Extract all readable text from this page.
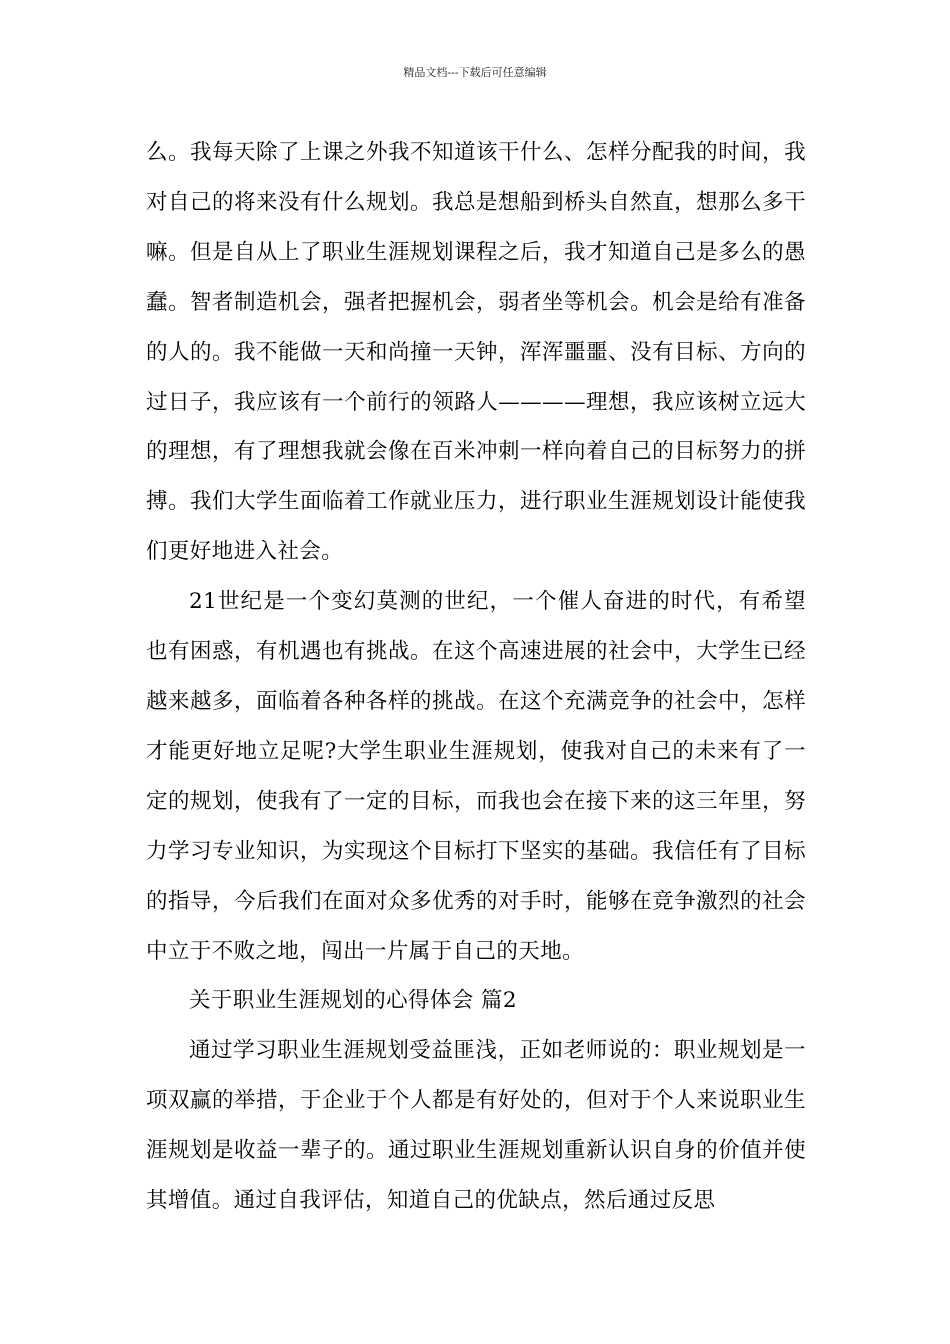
精品文档---下载后可任意编辑

么。我每天除了上课之外我不知道该干什么、怎样分配我的时间，我对自己的将来没有什么规划。我总是想船到桥头自然直，想那么多干嘛。但是自从上了职业生涯规划课程之后，我才知道自己是多么的愚蠢。智者制造机会，强者把握机会，弱者坐等机会。机会是给有准备的人的。我不能做一天和尚撞一天钟，浑浑噩噩、没有目标、方向的过日子，我应该有一个前行的领路人————理想，我应该树立远大的理想，有了理想我就会像在百米冲刺一样向着自己的目标努力的拼搏。我们大学生面临着工作就业压力，进行职业生涯规划设计能使我们更好地进入社会。

21世纪是一个变幻莫测的世纪，一个催人奋进的时代，有希望也有困惑，有机遇也有挑战。在这个高速进展的社会中，大学生已经越来越多，面临着各种各样的挑战。在这个充满竞争的社会中，怎样才能更好地立足呢?大学生职业生涯规划，使我对自己的未来有了一定的规划，使我有了一定的目标，而我也会在接下来的这三年里，努力学习专业知识，为实现这个目标打下坚实的基础。我信任有了目标的指导，今后我们在面对众多优秀的对手时，能够在竞争激烈的社会中立于不败之地，闯出一片属于自己的天地。

关于职业生涯规划的心得体会 篇2

通过学习职业生涯规划受益匪浅，正如老师说的：职业规划是一项双赢的举措，于企业于个人都是有好处的，但对于个人来说职业生涯规划是收益一辈子的。通过职业生涯规划重新认识自身的价值并使其增值。通过自我评估，知道自己的优缺点，然后通过反思
